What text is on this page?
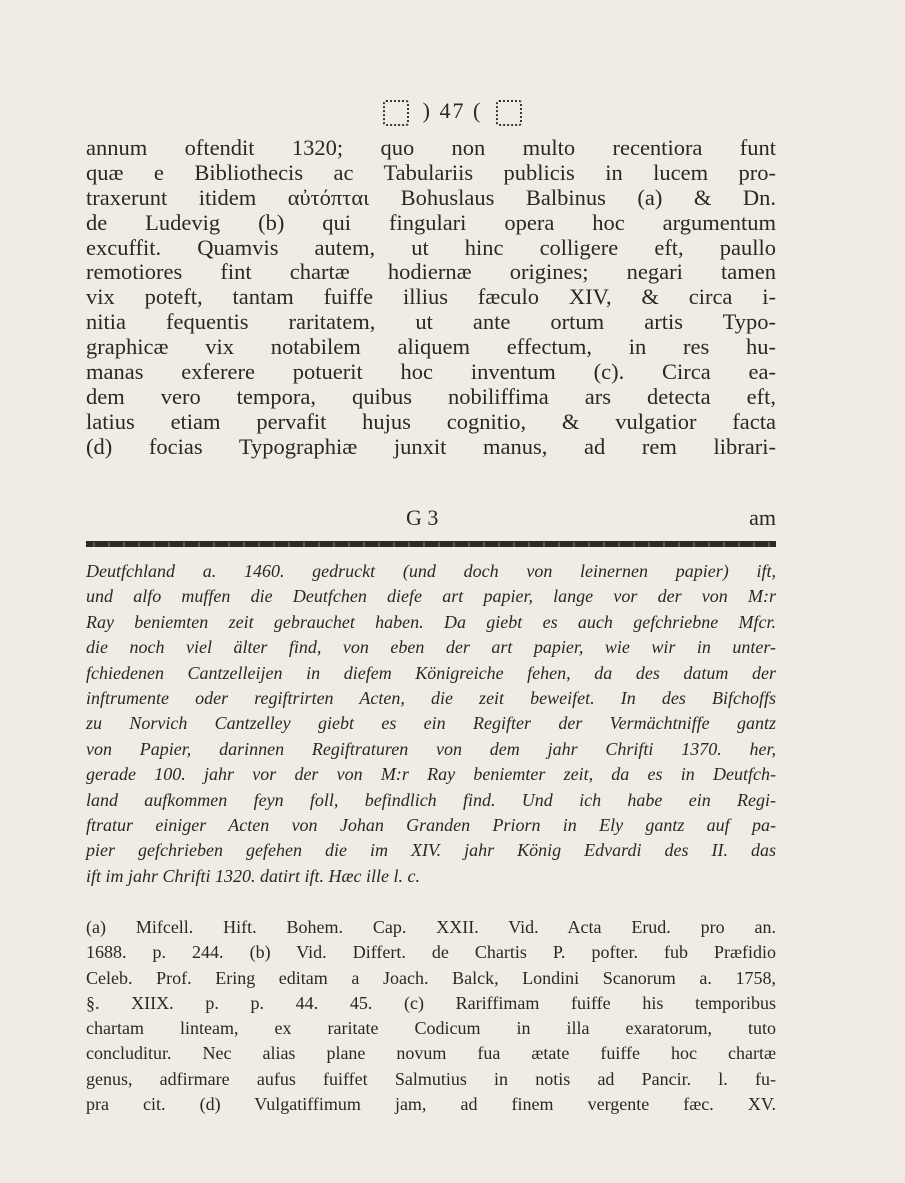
) 47 (
annum oftendit 1320; quo non multo recentiora funt
quæ e Bibliothecis ac Tabulariis publicis in lucem pro-
traxerunt itidem αὐτόπται Bohuslaus Balbinus (a) & Dn.
de Ludevig (b) qui fingulari opera hoc argumentum
excuffit. Quamvis autem, ut hinc colligere eft, paullo
remotiores fint chartæ hodiernæ origines; negari tamen
vix poteft, tantam fuiffe illius fæculo XIV, & circa i-
nitia fequentis raritatem, ut ante ortum artis Typo-
graphicæ vix notabilem aliquem effectum, in res hu-
manas exferere potuerit hoc inventum (c). Circa ea-
dem vero tempora, quibus nobiliffima ars detecta eft,
latius etiam pervafit hujus cognitio, & vulgatior facta
(d) focias Typographiæ junxit manus, ad rem librari-
G 3	am
Deutfchland a. 1460. gedruckt (und doch von leinernen papier) ift,
und alfo muffen die Deutfchen diefe art papier, lange vor der von M:r
Ray beniemten zeit gebrauchet haben. Da giebt es auch gefchriebne Mfcr.
die noch viel älter find, von eben der art papier, wie wir in unter-
fchiedenen Cantzelleijen in diefem Königreiche fehen, da des datum der
inftrumente oder regiftrirten Acten, die zeit beweifet. In des Bifchoffs
zu Norvich Cantzelley giebt es ein Regifter der Vermächtniffe gantz
von Papier, darinnen Regiftraturen von dem jahr Chrifti 1370. her,
gerade 100. jahr vor der von M:r Ray beniemter zeit, da es in Deutfch-
land aufkommen feyn foll, befindlich find. Und ich habe ein Regi-
ftratur einiger Acten von Johan Granden Priorn in Ely gantz auf pa-
pier gefchrieben gefehen die im XIV. jahr König Edvardi des II. das
ift im jahr Chrifti 1320. datirt ift. Hæc ille l. c.
(a) Mifcell. Hift. Bohem. Cap. XXII. Vid. Acta Erud. pro an.
1688. p. 244. (b) Vid. Differt. de Chartis P. pofter. fub Præfidio
Celeb. Prof. Ering editam a Joach. Balck, Londini Scanorum a. 1758,
§. XIIX. p. p. 44. 45. (c) Rariffimam fuiffe his temporibus
chartam linteam, ex raritate Codicum in illa exaratorum, tuto
concluditur. Nec alias plane novum fua ætate fuiffe hoc chartæ
genus, adfirmare aufus fuiffet Salmutius in notis ad Pancir. l. fu-
pra cit. (d) Vulgatiffimum jam, ad finem vergente fæc. XV.
